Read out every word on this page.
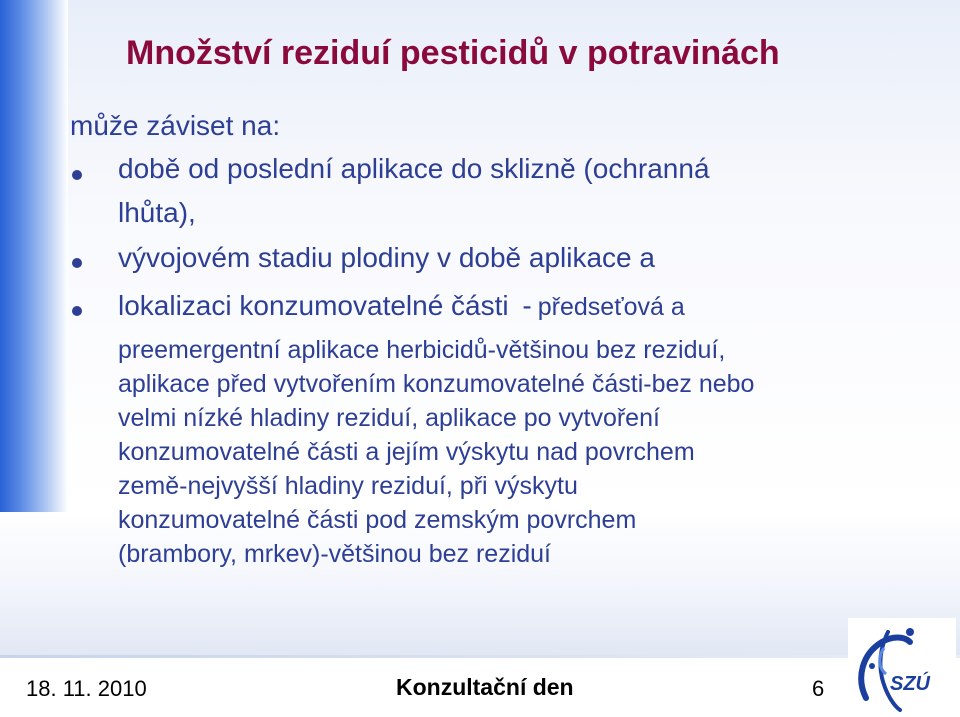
Množství reziduí pesticidů v potravinách
může záviset na:
době od poslední aplikace do sklizně (ochranná
lhůta),
vývojovém stadiu plodiny v době aplikace a
lokalizaci konzumovatelné části - předseťová a
preemergentní aplikace herbicidů-většinou bez reziduí,
aplikace před vytvořením konzumovatelné části-bez nebo
velmi nízké hladiny reziduí, aplikace po vytvoření
konzumovatelné části a jejím výskytu nad povrchem
země-nejvyšší hladiny reziduí, při výskytu
konzumovatelné části pod zemským povrchem
(brambory, mrkev)-většinou bez reziduí
18. 11. 2010	Konzultační den	6	SZÚ
